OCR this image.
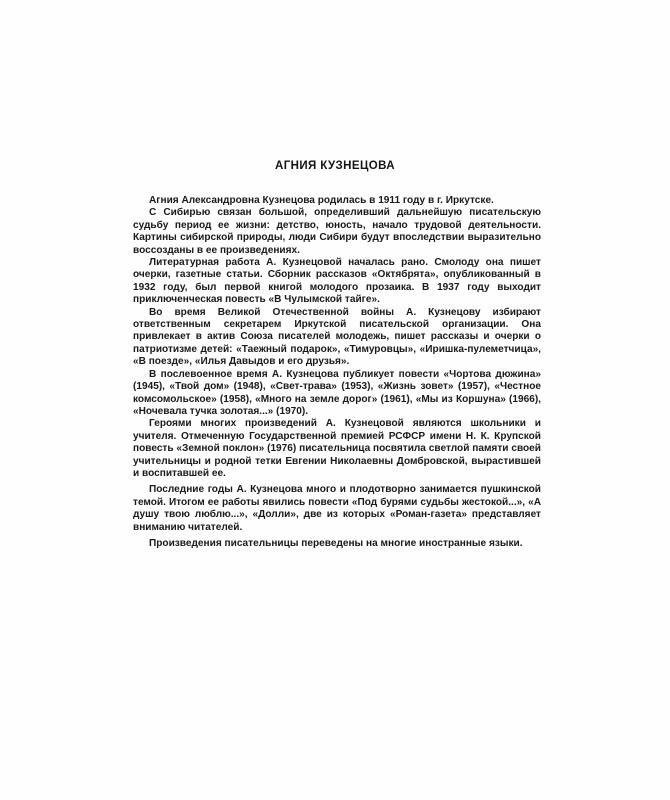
АГНИЯ КУЗНЕЦОВА

Агния Александровна Кузнецова родилась в 1911 году в г. Иркутске.

С Сибирью связан большой, определивший дальнейшую писательскую судьбу период ее жизни: детство, юность, начало трудовой деятельности. Картины сибирской природы, люди Сибири будут впоследствии выразительно воссозданы в ее произведениях.

Литературная работа А. Кузнецовой началась рано. Смолоду она пишет очерки, газетные статьи. Сборник рассказов «Октябрята», опубликованный в 1932 году, был первой книгой молодого прозаика. В 1937 году выходит приключенческая повесть «В Чулымской тайге».

Во время Великой Отечественной войны А. Кузнецову избирают ответственным секретарем Иркутской писательской организации. Она привлекает в актив Союза писателей молодежь, пишет рассказы и очерки о патриотизме детей: «Таежный подарок», «Тимуровцы», «Иришка-пулеметчица», «В поезде», «Илья Давыдов и его друзья».

В послевоенное время А. Кузнецова публикует повести «Чортова дюжина» (1945), «Твой дом» (1948), «Свет-трава» (1953), «Жизнь зовет» (1957), «Честное комсомольское» (1958), «Много на земле дорог» (1961), «Мы из Коршуна» (1966), «Ночевала тучка золотая...» (1970).

Героями многих произведений А. Кузнецовой являются школьники и учителя. Отмеченную Государственной премией РСФСР имени Н. К. Крупской повесть «Земной поклон» (1976) писательница посвятила светлой памяти своей учительницы и родной тетки Евгении Николаевны Домбровской, вырастившей и воспитавшей ее.

Последние годы А. Кузнецова много и плодотворно занимается пушкинской темой. Итогом ее работы явились повести «Под бурями судьбы жестокой...», «А душу твою люблю...», «Долли», две из которых «Роман-газета» представляет вниманию читателей.

Произведения писательницы переведены на многие иностранные языки.
